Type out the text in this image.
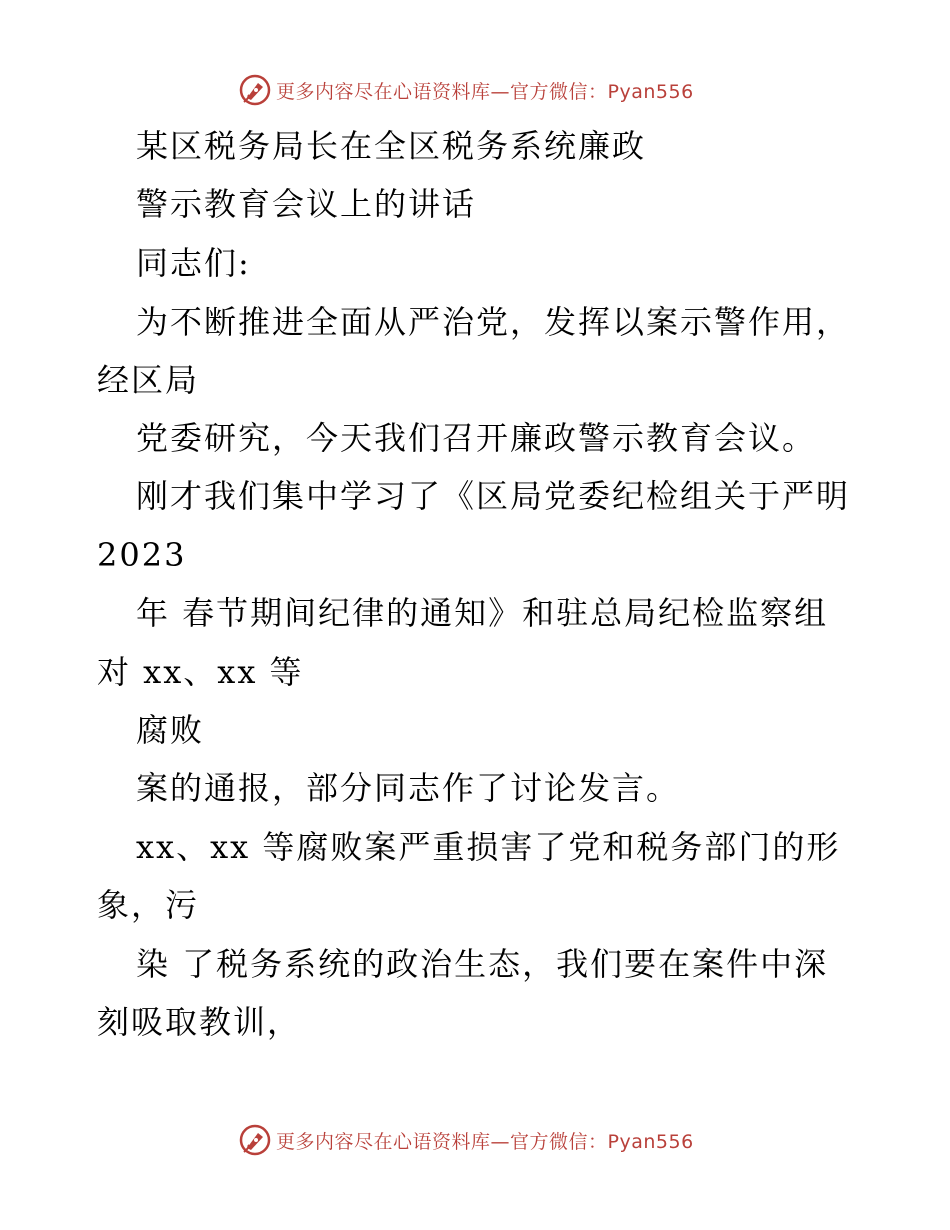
更多内容尽在心语资料库—官方微信：Pyan556
某区税务局长在全区税务系统廉政
警示教育会议上的讲话
同志们:
为不断推进全面从严治党，发挥以案示警作用，
经区局
党委研究，今天我们召开廉政警示教育会议。
刚才我们集中学习了《区局党委纪检组关于严明
2023
年 春节期间纪律的通知》和驻总局纪检监察组
对 xx、xx 等
腐败
案的通报，部分同志作了讨论发言。
xx、xx 等腐败案严重损害了党和税务部门的形
象，污
染 了税务系统的政治生态，我们要在案件中深
刻吸取教训，
更多内容尽在心语资料库—官方微信：Pyan556
